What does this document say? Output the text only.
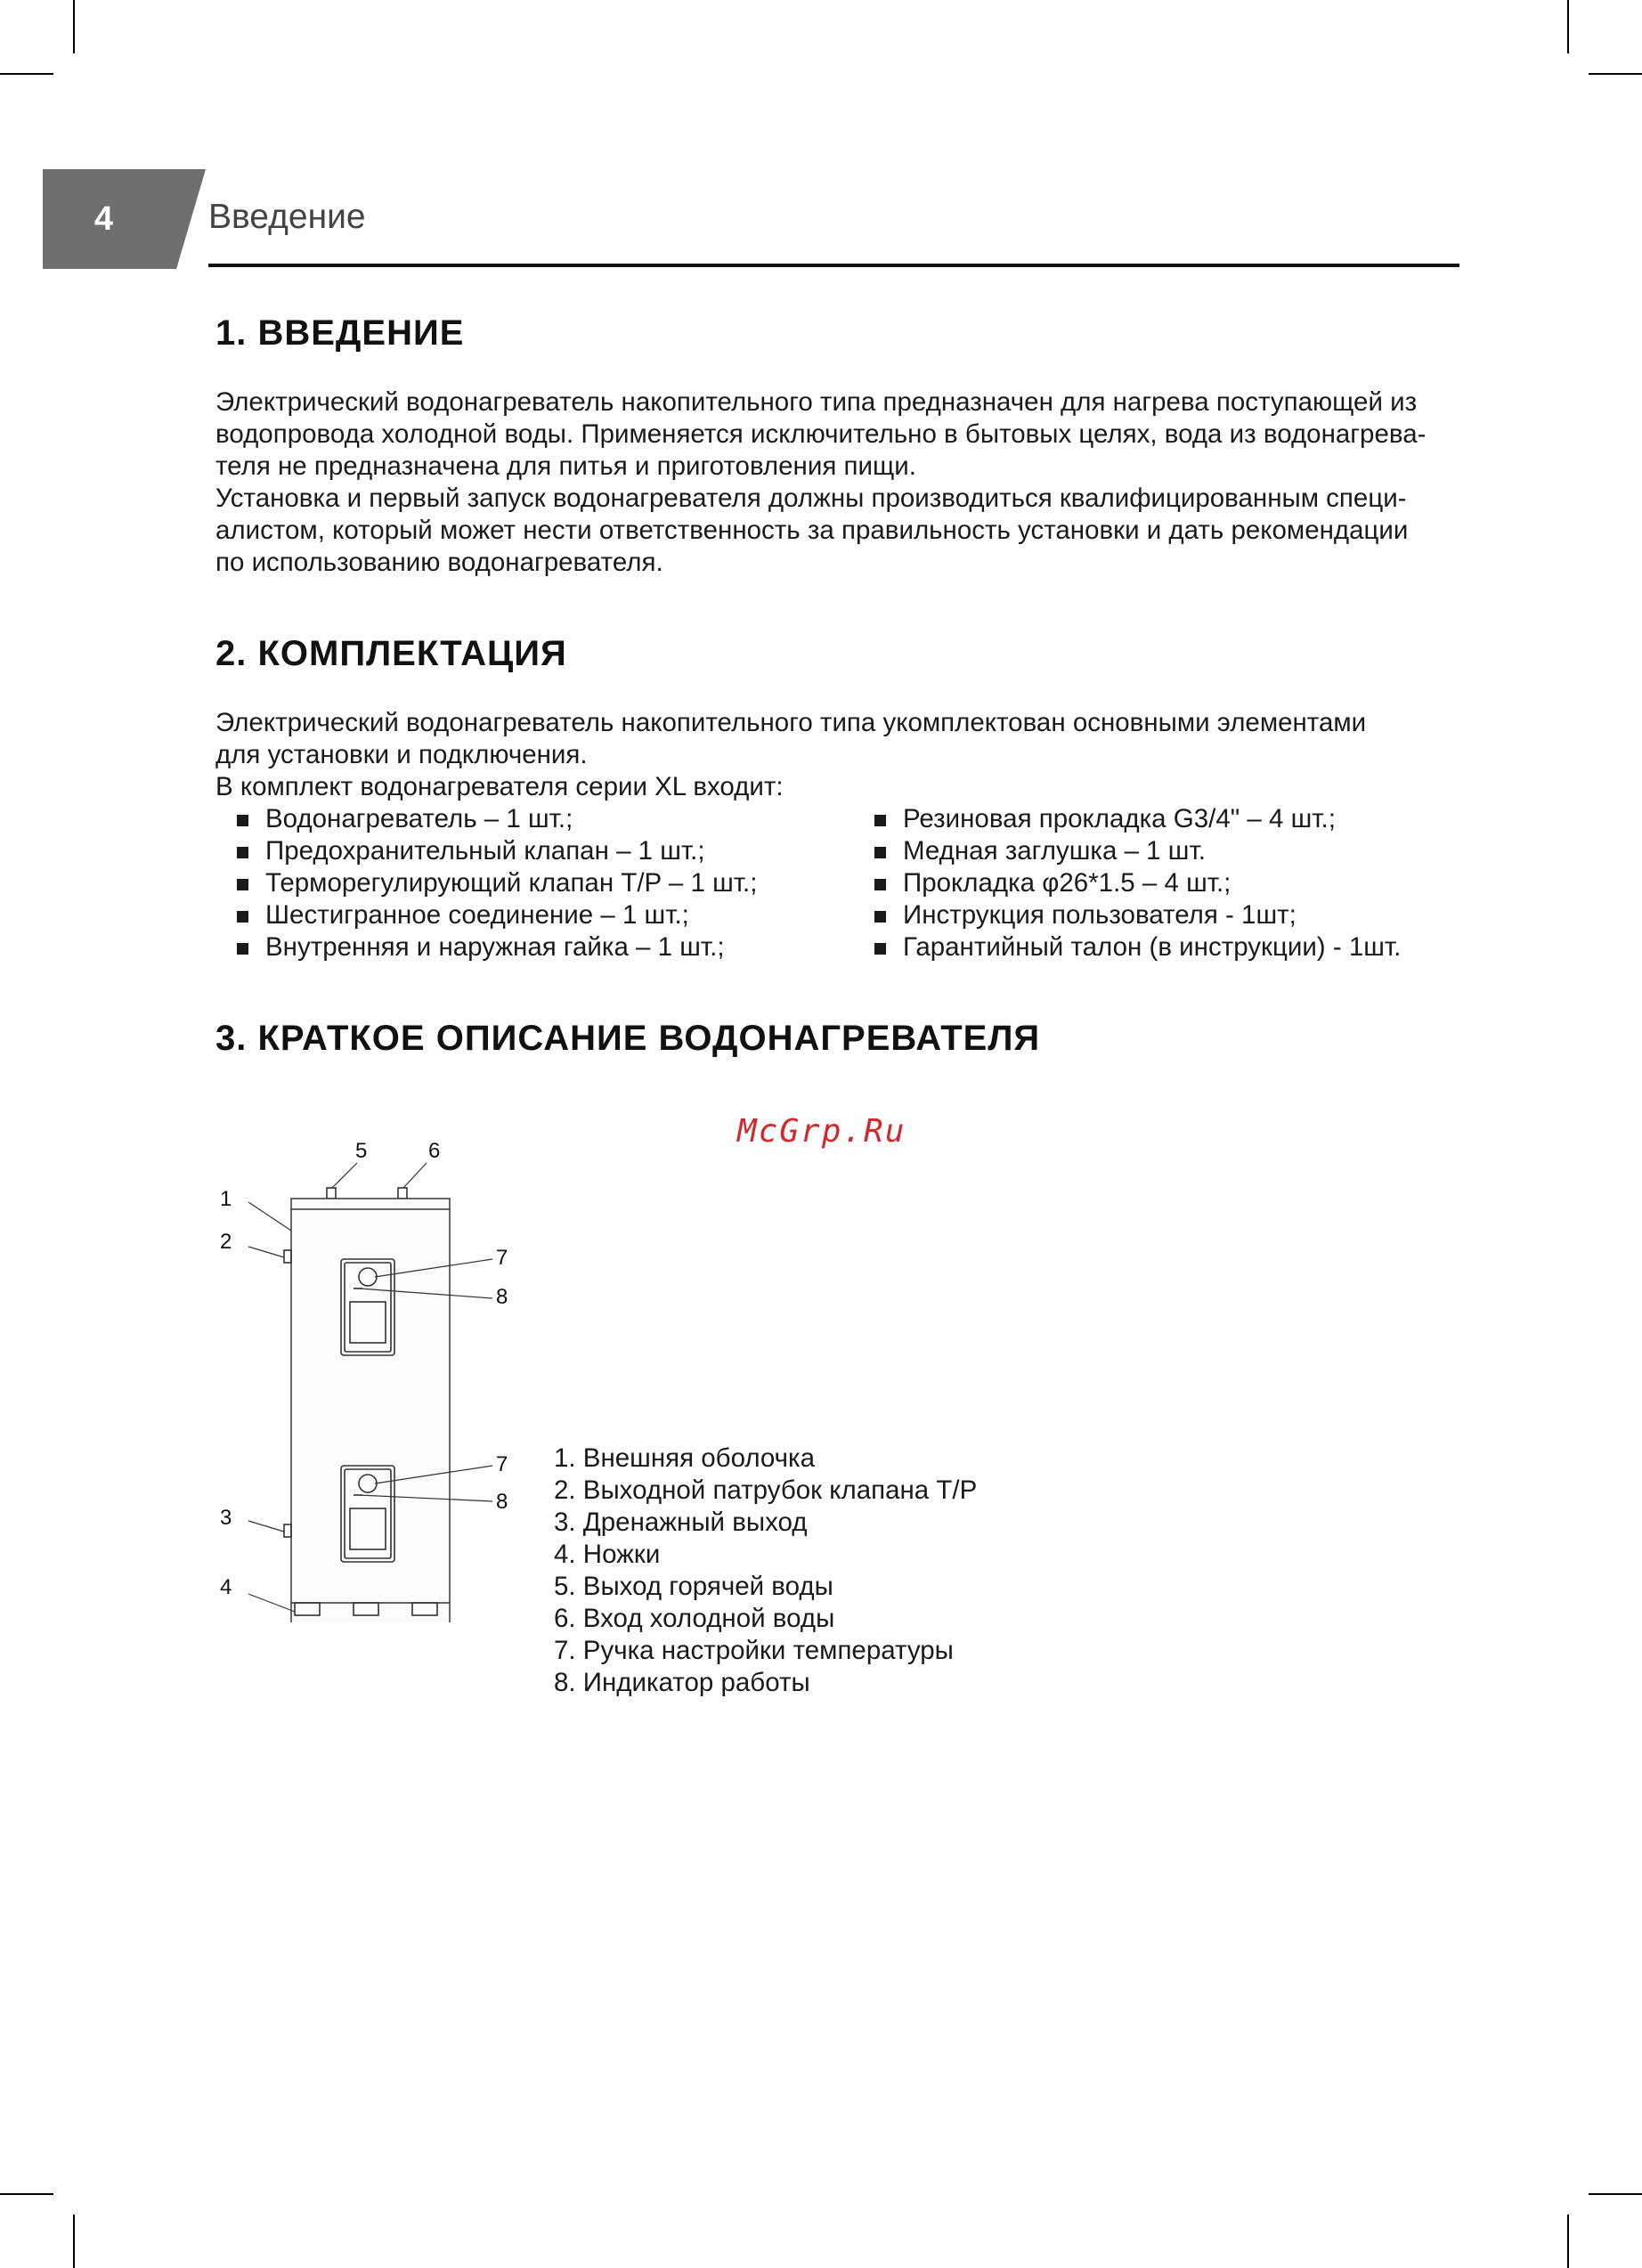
4	Введение
1. ВВЕДЕНИЕ
Электрический водонагреватель накопительного типа предназначен для нагрева поступающей из
водопровода холодной воды. Применяется исключительно в бытовых целях, вода из водонагрева-
теля не предназначена для питья и приготовления пищи.
Установка и первый запуск водонагревателя должны производиться квалифицированным специ-
алистом, который может нести ответственность за правильность установки и дать рекомендации
по использованию водонагревателя.
2. КОМПЛЕКТАЦИЯ
Электрический водонагреватель накопительного типа укомплектован основными элементами
для установки и подключения.
В комплект водонагревателя серии XL входит:
Водонагреватель – 1 шт.;
Предохранительный клапан – 1 шт.;
Терморегулирующий клапан T/P – 1 шт.;
Шестигранное соединение – 1 шт.;
Внутренняя и наружная гайка – 1 шт.;
Резиновая прокладка G3/4" – 4 шт.;
Медная заглушка – 1 шт.
Прокладка φ26*1.5 – 4 шт.;
Инструкция пользователя - 1шт;
Гарантийный талон (в инструкции) - 1шт.
3. КРАТКОЕ ОПИСАНИЕ ВОДОНАГРЕВАТЕЛЯ
McGrp.Ru
1
2
3
4
5	6
7
8
7
8
1. Внешняя оболочка
2. Выходной патрубок клапана T/P
3. Дренажный выход
4. Ножки
5. Выход горячей воды
6. Вход холодной воды
7. Ручка настройки температуры
8. Индикатор работы
